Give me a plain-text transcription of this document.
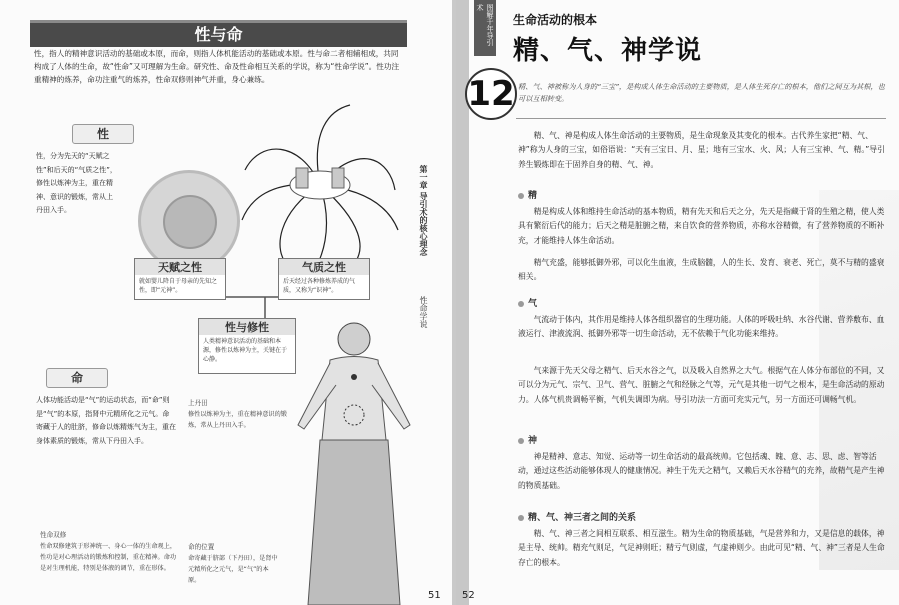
性与命
性，指人的精神意识活动的基础或本原，而命，则指人体机能活动的基础或本原。性与命二者相辅相成，共同构成了人体的生命，故“性命”又可理解为生命。研究性、命及性命相互关系的学说，称为“性命学说”。性功注重精神的炼养，命功注重气的炼养，性命双修则神气并重，身心兼练。
性
性，分为先天的“天赋之性”和后天的“气质之性”，修性以炼神为主，重在精神、意识的锻炼，常从上丹田入手。
天赋之性
就如婴儿降自于母亲的先知之性，即“元神”。
气质之性
后天经过各种修炼养成的气质，又称为“识神”。
性与修性
人类精神意识活动的基础和本源，修性以炼神为主，关键在于心静。
命
人体功能活动是“气”的运动状态，而“命”则是“气”的本原，指肾中元精所化之元气。命寄藏于人的肚脐，修命以炼精炼气为主，重在身体素质的锻炼，常从下丹田入手。
上丹田
修性以炼神为主，重在精神意识的锻炼，常从上丹田入手。
性命双修
性命双修建筑于形神统一、身心一体的生命观上，性功是对心理活动的锻炼和控制，重在精神。命功是对生理机能，特别是体液的调节，重在形体。
命的位置
命寄藏于脐部（下丹田），是肾中元精所化之元气，是“气”的本原。
第一章 导引术的核心理念
性命学说
51
图解千年导引术
生命活动的根本
精、气、神学说
12 精、气、神被称为人身的“三宝”，是构成人体生命活动的主要物质，是人体生死存亡的根本，他们之间互为其根，也可以互相转变。
精、气、神是构成人体生命活动的主要物质，是生命现象及其变化的根本。古代养生家把“精、气、神”称为人身的三宝，如俗语说：“天有三宝日、月、星；地有三宝水、火、风；人有三宝神、气、精。”导引养生锻炼即在于固养自身的精、气、神。
精
精是构成人体和维持生命活动的基本物质，精有先天和后天之分，先天是指藏于肾的生殖之精，使人类具有繁衍后代的能力；后天之精是脏腑之精，来自饮食的营养物质，亦称水谷精微，有了营养物质的不断补充，才能维持人体生命活动。
精气充盛，能够抵御外邪，可以化生血液，生成脑髓，人的生长、发育、衰老、死亡，莫不与精的盛衰相关。
气
气流动于体内，其作用是维持人体各组织器官的生理功能。人体的呼吸吐纳、水谷代谢、营养敷布、血液运行、津液流润、抵御外邪等一切生命活动，无不依赖于气化功能来维持。
气来源于先天父母之精气、后天水谷之气，以及吸入自然界之大气。根据气在人体分布部位的不同，又可以分为元气、宗气、卫气、营气、脏腑之气和经脉之气等，元气是其他一切气之根本，是生命活动的原动力。人体气机贵调畅平衡，气机失调即为病。导引功法一方面可充实元气，另一方面还可调畅气机。
神
神是精神、意志、知觉、运动等一切生命活动的最高统帅。它包括魂、魄、意、志、思、虑、智等活动，通过这些活动能够体现人的健康情况。神生于先天之精气，又赖后天水谷精气的充养，故精气是产生神的物质基础。
精、气、神三者之间的关系
精、气、神三者之间相互联系、相互滋生。精为生命的物质基础，气是营养和力，又是信息的载体，神是主导、统帅。精充气则足，气足神则旺；精亏气则虚，气虚神则少。由此可见“精、气、神”三者是人生命存亡的根本。
52
